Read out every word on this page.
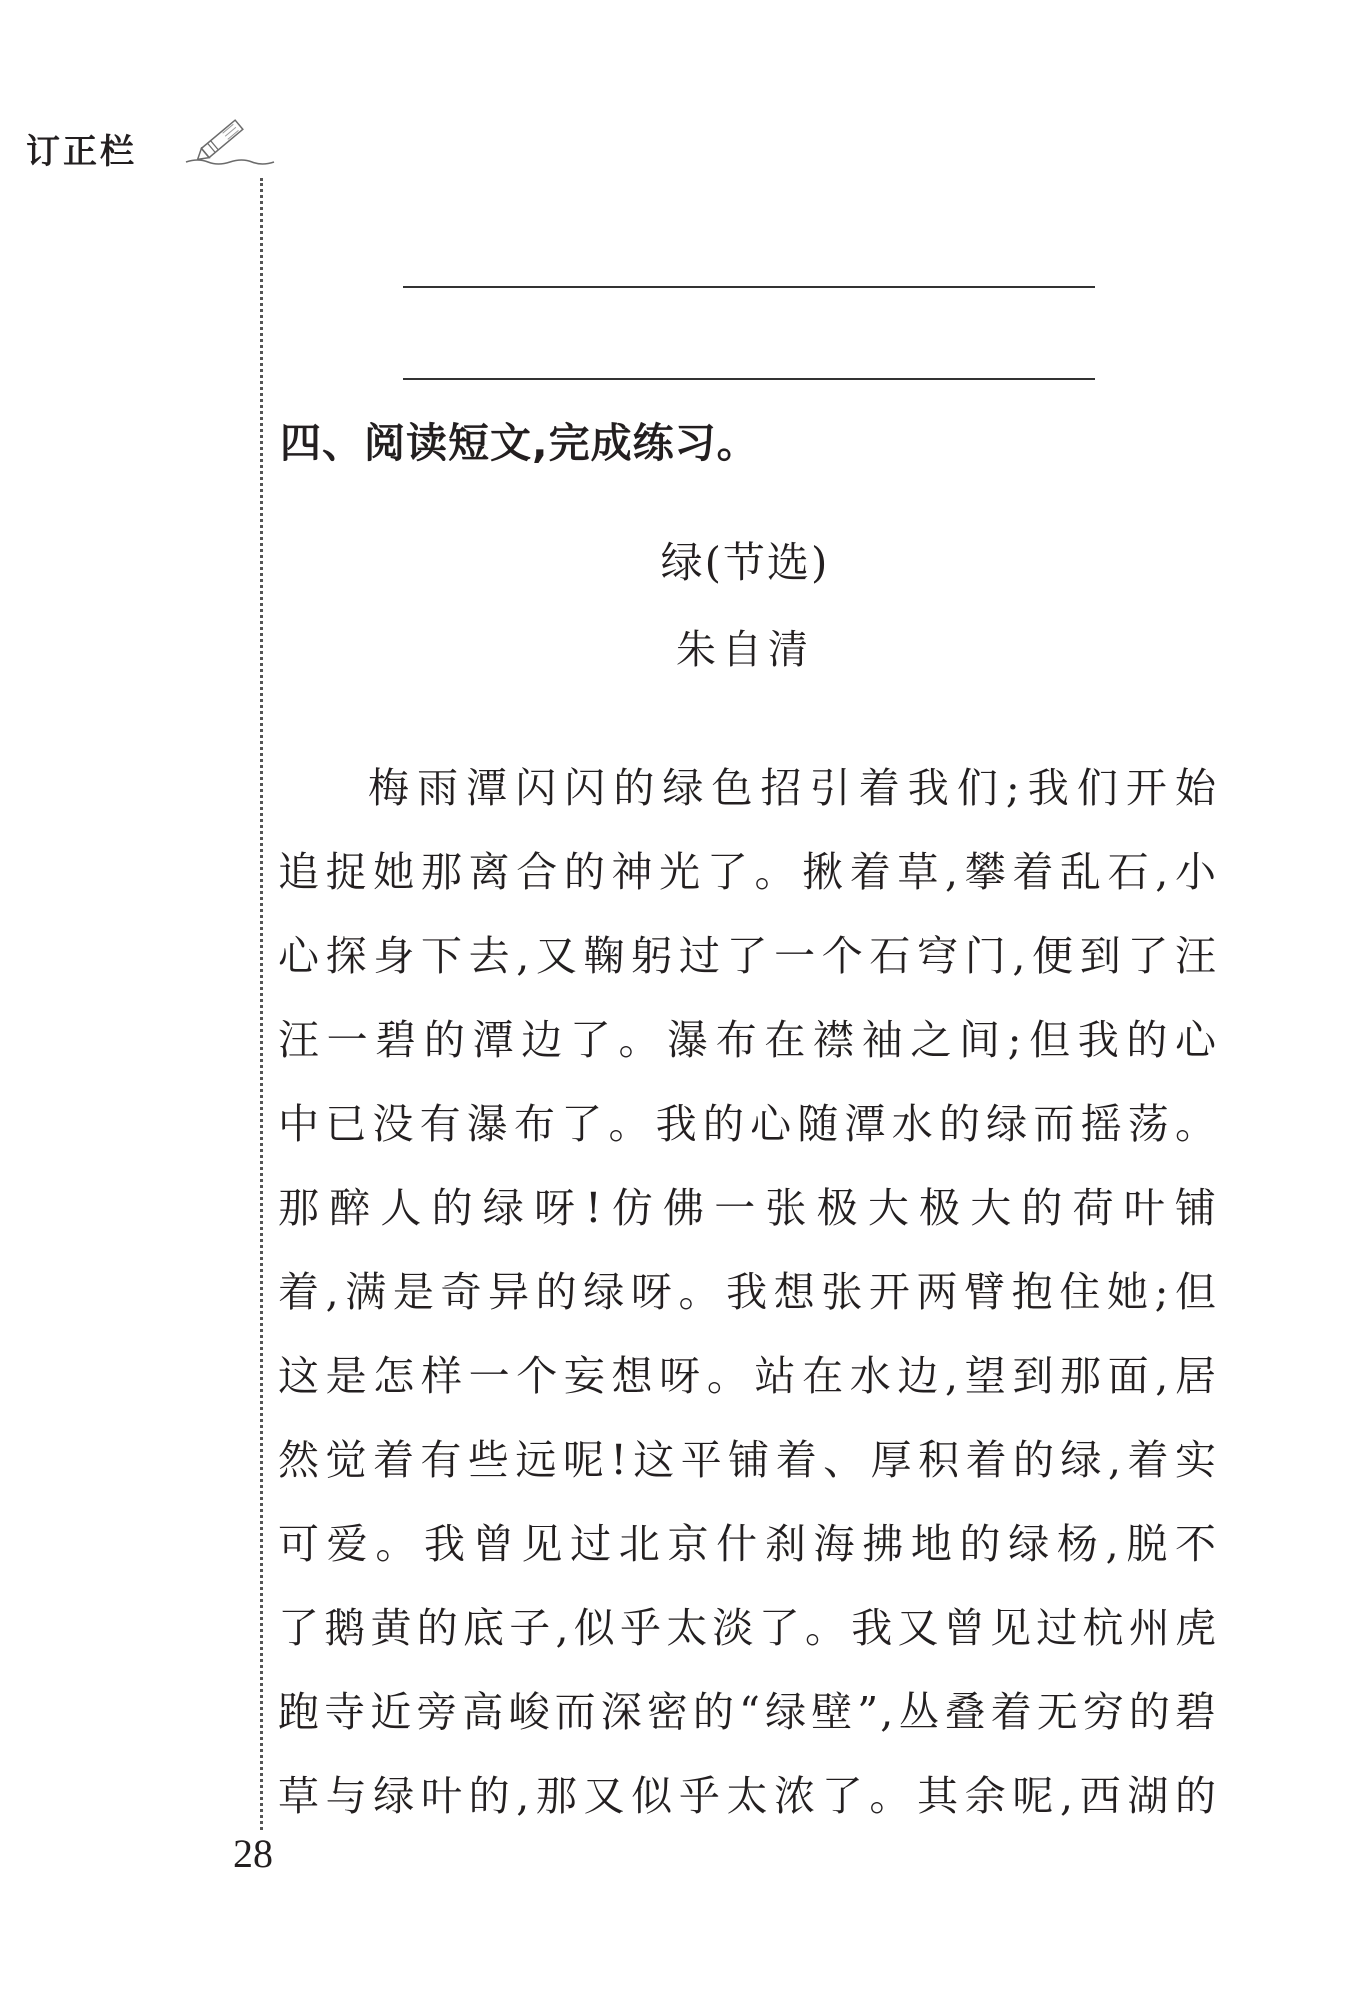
订正栏
四、阅读短文,完成练习。
绿(节选)
朱自清
梅雨潭闪闪的绿色招引着我们;我们开始
追捉她那离合的神光了。揪着草,攀着乱石,小
心探身下去,又鞠躬过了一个石穹门,便到了汪
汪一碧的潭边了。瀑布在襟袖之间;但我的心
中已没有瀑布了。我的心随潭水的绿而摇荡。
那醉人的绿呀!仿佛一张极大极大的荷叶铺
着,满是奇异的绿呀。我想张开两臂抱住她;但
这是怎样一个妄想呀。站在水边,望到那面,居
然觉着有些远呢!这平铺着、厚积着的绿,着实
可爱。我曾见过北京什刹海拂地的绿杨,脱不
了鹅黄的底子,似乎太淡了。我又曾见过杭州虎
跑寺近旁高峻而深密的“绿壁”,丛叠着无穷的碧
草与绿叶的,那又似乎太浓了。其余呢,西湖的
28
